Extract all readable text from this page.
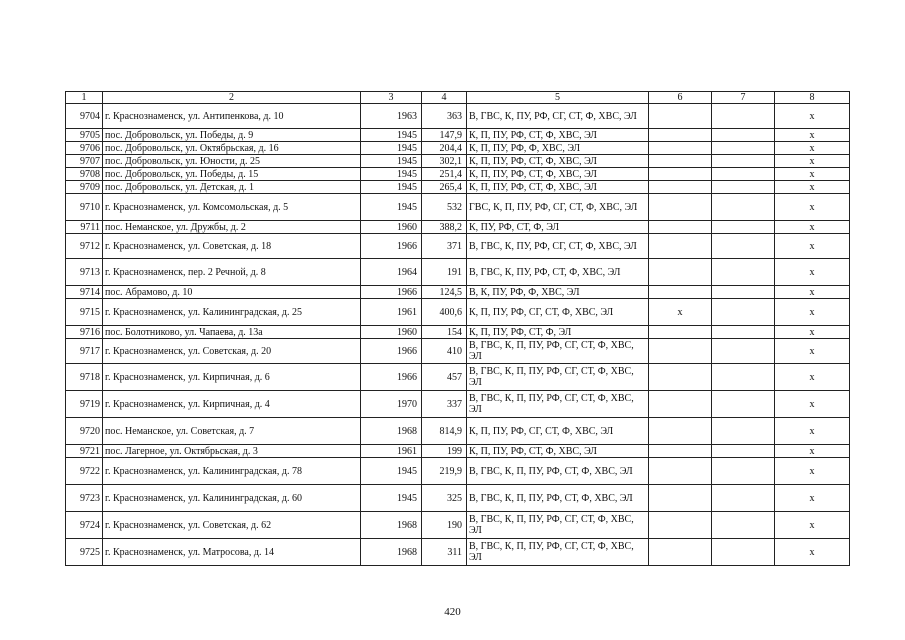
1	2	3	4	5	6	7	8
9704	г. Краснознаменск, ул. Антипенкова, д. 10	1963	363	В, ГВС, К, ПУ, РФ, СГ, СТ, Ф, ХВС, ЭЛ			x
9705	пос. Добровольск, ул. Победы, д. 9	1945	147,9	К, П, ПУ, РФ, СТ, Ф, ХВС, ЭЛ			x
9706	пос. Добровольск, ул. Октябрьская, д. 16	1945	204,4	К, П, ПУ, РФ, Ф, ХВС, ЭЛ			x
9707	пос. Добровольск, ул. Юности, д. 25	1945	302,1	К, П, ПУ, РФ, СТ, Ф, ХВС, ЭЛ			x
9708	пос. Добровольск, ул. Победы, д. 15	1945	251,4	К, П, ПУ, РФ, СТ, Ф, ХВС, ЭЛ			x
9709	пос. Добровольск, ул. Детская, д. 1	1945	265,4	К, П, ПУ, РФ, СТ, Ф, ХВС, ЭЛ			x
9710	г. Краснознаменск, ул. Комсомольская, д. 5	1945	532	ГВС, К, П, ПУ, РФ, СГ, СТ, Ф, ХВС, ЭЛ			x
9711	пос. Неманское, ул. Дружбы, д. 2	1960	388,2	К, ПУ, РФ, СТ, Ф, ЭЛ			x
9712	г. Краснознаменск, ул. Советская, д. 18	1966	371	В, ГВС, К, ПУ, РФ, СГ, СТ, Ф, ХВС, ЭЛ			x
9713	г. Краснознаменск, пер. 2 Речной, д. 8	1964	191	В, ГВС, К, ПУ, РФ, СТ, Ф, ХВС, ЭЛ			x
9714	пос. Абрамово, д. 10	1966	124,5	В, К, ПУ, РФ, Ф, ХВС, ЭЛ			x
9715	г. Краснознаменск, ул. Калининградская, д. 25	1961	400,6	К, П, ПУ, РФ, СГ, СТ, Ф, ХВС, ЭЛ	x		x
9716	пос. Болотниково, ул. Чапаева, д. 13а	1960	154	К, П, ПУ, РФ, СТ, Ф, ЭЛ			x
9717	г. Краснознаменск, ул. Советская, д. 20	1966	410	В, ГВС, К, П, ПУ, РФ, СГ, СТ, Ф, ХВС, ЭЛ			x
9718	г. Краснознаменск, ул. Кирпичная, д. 6	1966	457	В, ГВС, К, П, ПУ, РФ, СГ, СТ, Ф, ХВС, ЭЛ			x
9719	г. Краснознаменск, ул. Кирпичная, д. 4	1970	337	В, ГВС, К, П, ПУ, РФ, СГ, СТ, Ф, ХВС, ЭЛ			x
9720	пос. Неманское, ул. Советская, д. 7	1968	814,9	К, П, ПУ, РФ, СГ, СТ, Ф, ХВС, ЭЛ			x
9721	пос. Лагерное, ул. Октябрьская, д. 3	1961	199	К, П, ПУ, РФ, СТ, Ф, ХВС, ЭЛ			x
9722	г. Краснознаменск, ул. Калининградская, д. 78	1945	219,9	В, ГВС, К, П, ПУ, РФ, СТ, Ф, ХВС, ЭЛ			x
9723	г. Краснознаменск, ул. Калининградская, д. 60	1945	325	В, ГВС, К, П, ПУ, РФ, СТ, Ф, ХВС, ЭЛ			x
9724	г. Краснознаменск, ул. Советская, д. 62	1968	190	В, ГВС, К, П, ПУ, РФ, СГ, СТ, Ф, ХВС, ЭЛ			x
9725	г. Краснознаменск, ул. Матросова, д. 14	1968	311	В, ГВС, К, П, ПУ, РФ, СГ, СТ, Ф, ХВС, ЭЛ			x
420
